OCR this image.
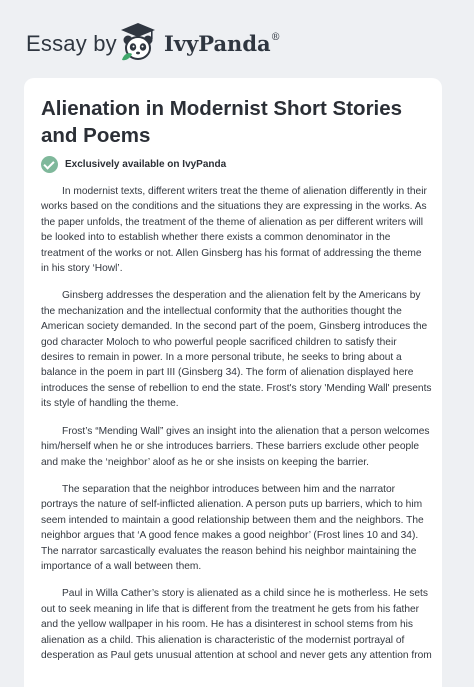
Essay by IvyPanda®
Alienation in Modernist Short Stories and Poems
Exclusively available on IvyPanda

In modernist texts, different writers treat the theme of alienation differently in their works based on the conditions and the situations they are expressing in the works. As the paper unfolds, the treatment of the theme of alienation as per different writers will be looked into to establish whether there exists a common denominator in the treatment of the works or not. Allen Ginsberg has his format of addressing the theme in his story ‘Howl’.

Ginsberg addresses the desperation and the alienation felt by the Americans by the mechanization and the intellectual conformity that the authorities thought the American society demanded. In the second part of the poem, Ginsberg introduces the god character Moloch to who powerful people sacrificed children to satisfy their desires to remain in power. In a more personal tribute, he seeks to bring about a balance in the poem in part III (Ginsberg 34). The form of alienation displayed here introduces the sense of rebellion to end the state. Frost's story 'Mending Wall' presents its style of handling the theme.

Frost’s “Mending Wall” gives an insight into the alienation that a person welcomes him/herself when he or she introduces barriers. These barriers exclude other people and make the ‘neighbor’ aloof as he or she insists on keeping the barrier.

The separation that the neighbor introduces between him and the narrator portrays the nature of self-inflicted alienation. A person puts up barriers, which to him seem intended to maintain a good relationship between them and the neighbors. The neighbor argues that ‘A good fence makes a good neighbor’ (Frost lines 10 and 34). The narrator sarcastically evaluates the reason behind his neighbor maintaining the importance of a wall between them.

Paul in Willa Cather’s story is alienated as a child since he is motherless. He sets out to seek meaning in life that is different from the treatment he gets from his father and the yellow wallpaper in his room. He has a disinterest in school stems from his alienation as a child. This alienation is characteristic of the modernist portrayal of desperation as Paul gets unusual attention at school and never gets any attention from
